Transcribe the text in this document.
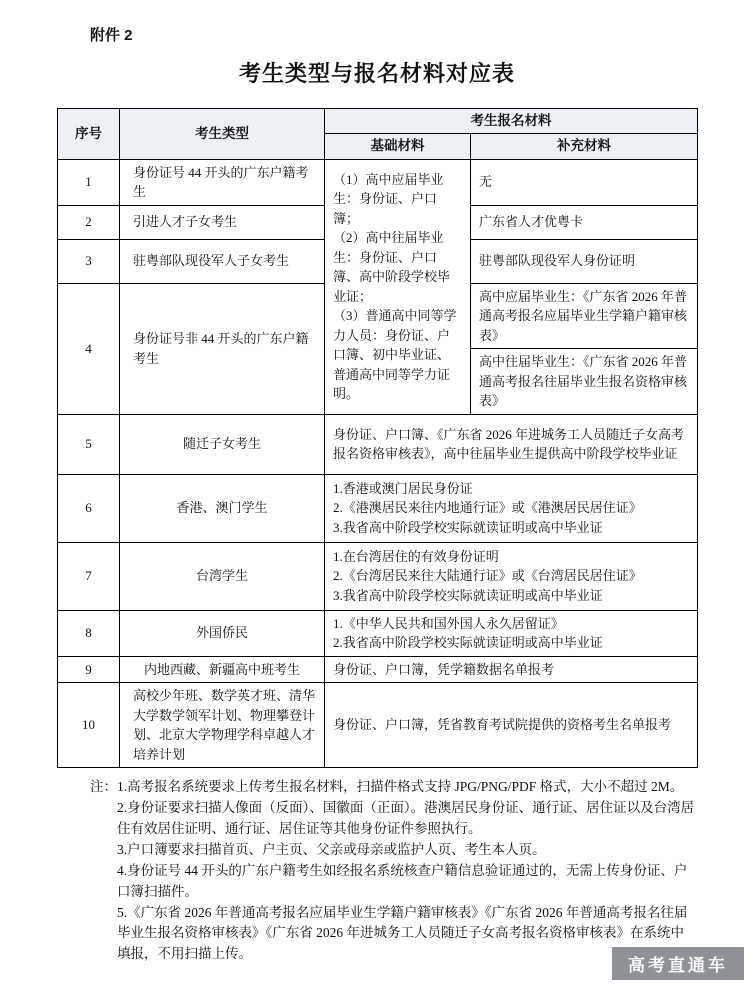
附件 2
考生类型与报名材料对应表
序号	考生类型	考生报名材料	
		基础材料	补充材料
1	身份证号 44 开头的广东户籍考生	（1）高中应届毕业生：身份证、户口簿；
（2）高中往届毕业生：身份证、户口簿、高中阶段学校毕业证；
（3）普通高中同等学力人员：身份证、户口簿、初中毕业证、普通高中同等学力证明。	无
2	引进人才子女考生		广东省人才优粤卡
3	驻粤部队现役军人子女考生		驻粤部队现役军人身份证明
4	身份证号非 44 开头的广东户籍考生		高中应届毕业生：《广东省 2026 年普通高考报名应届毕业生学籍户籍审核表》
			高中往届毕业生：《广东省 2026 年普通高考报名往届毕业生报名资格审核表》
5	随迁子女考生	身份证、户口簿、《广东省 2026 年进城务工人员随迁子女高考报名资格审核表》，高中往届毕业生提供高中阶段学校毕业证	
6	香港、澳门学生	1.香港或澳门居民身份证
2.《港澳居民来往内地通行证》或《港澳居民居住证》
3.我省高中阶段学校实际就读证明或高中毕业证	

7	台湾学生	1.在台湾居住的有效身份证明
2.《台湾居民来往大陆通行证》或《台湾居民居住证》
3.我省高中阶段学校实际就读证明或高中毕业证	

8	外国侨民	1.《中华人民共和国外国人永久居留证》
2.我省高中阶段学校实际就读证明或高中毕业证	

9	内地西藏、新疆高中班考生	身份证、户口簿，凭学籍数据名单报考	
10	高校少年班、数学英才班、清华大学数学领军计划、物理攀登计划、北京大学物理学科卓越人才培养计划	身份证、户口簿，凭省教育考试院提供的资格考生名单报考	
注： 1.高考报名系统要求上传考生报名材料，扫描件格式支持 JPG/PNG/PDF 格式，大小不超过 2M。

2.身份证要求扫描人像面（反面）、国徽面（正面）。港澳居民身份证、通行证、居住证以及台湾居住有效居住证明、通行证、居住证等其他身份证件参照执行。

3.户口簿要求扫描首页、户主页、父亲或母亲或监护人页、考生本人页。

4.身份证号 44 开头的广东户籍考生如经报名系统核查户籍信息验证通过的，无需上传身份证、户口簿扫描件。

5.《广东省 2026 年普通高考报名应届毕业生学籍户籍审核表》《广东省 2026 年普通高考报名往届毕业生报名资格审核表》《广东省 2026 年进城务工人员随迁子女高考报名资格审核表》在系统中填报，不用扫描上传。

高考直通车
